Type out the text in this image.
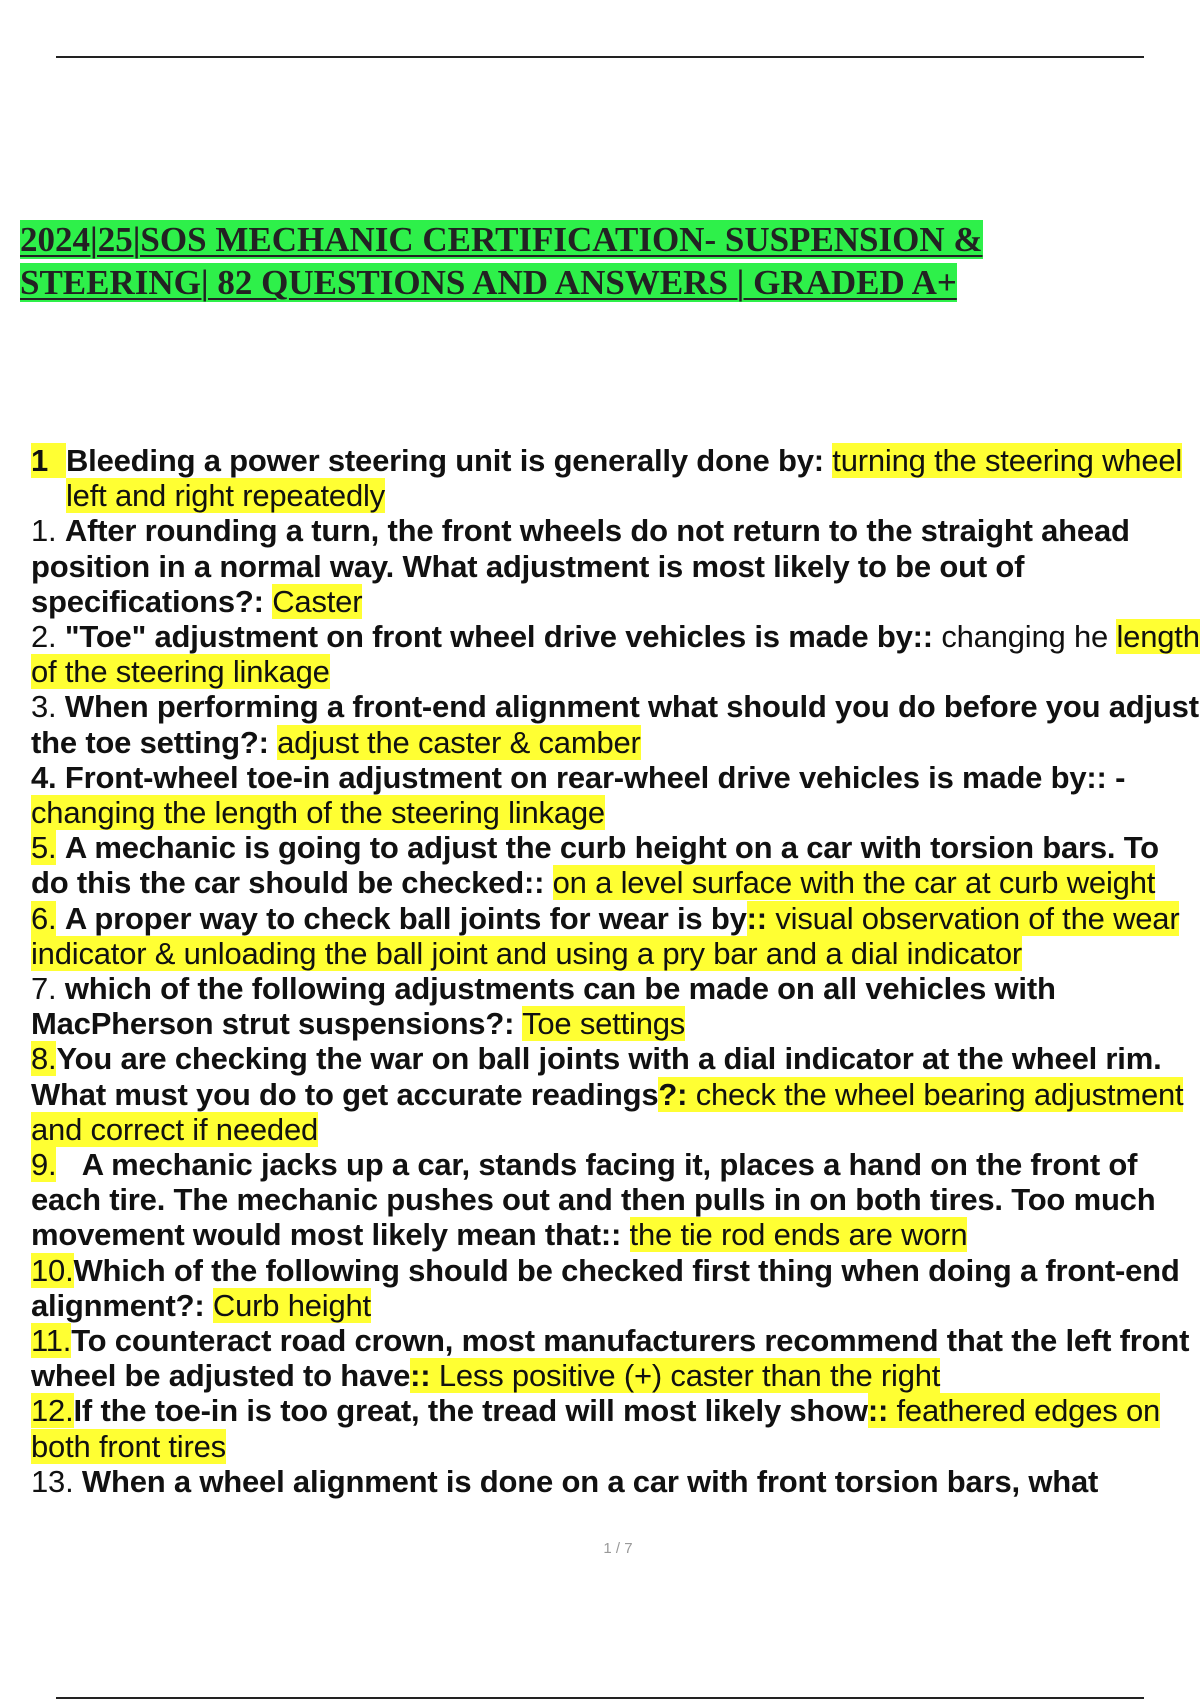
2024|25|SOS MECHANIC CERTIFICATION- SUSPENSION & STEERING| 82 QUESTIONS AND ANSWERS | GRADED A+

1 Bleeding a power steering unit is generally done by: turning the steering wheel left and right repeatedly

1. After rounding a turn, the front wheels do not return to the straight ahead position in a normal way. What adjustment is most likely to be out of specifications?: Caster

2. "Toe" adjustment on front wheel drive vehicles is made by:: changing he length of the steering linkage

3. When performing a front-end alignment what should you do before you adjust the toe setting?: adjust the caster & camber

4. Front-wheel toe-in adjustment on rear-wheel drive vehicles is made by:: - changing the length of the steering linkage

5. A mechanic is going to adjust the curb height on a car with torsion bars. To do this the car should be checked:: on a level surface with the car at curb weight

6. A proper way to check ball joints for wear is by:: visual observation of the wear indicator & unloading the ball joint and using a pry bar and a dial indicator

7. which of the following adjustments can be made on all vehicles with MacPherson strut suspensions?: Toe settings

8.You are checking the war on ball joints with a dial indicator at the wheel rim. What must you do to get accurate readings?: check the wheel bearing adjustment and correct if needed

9. A mechanic jacks up a car, stands facing it, places a hand on the front of each tire. The mechanic pushes out and then pulls in on both tires. Too much movement would most likely mean that:: the tie rod ends are worn

10.Which of the following should be checked first thing when doing a front-end alignment?: Curb height

11.To counteract road crown, most manufacturers recommend that the left front wheel be adjusted to have:: Less positive (+) caster than the right

12.If the toe-in is too great, the tread will most likely show:: feathered edges on both front tires

13. When a wheel alignment is done on a car with front torsion bars, what

1 / 7
